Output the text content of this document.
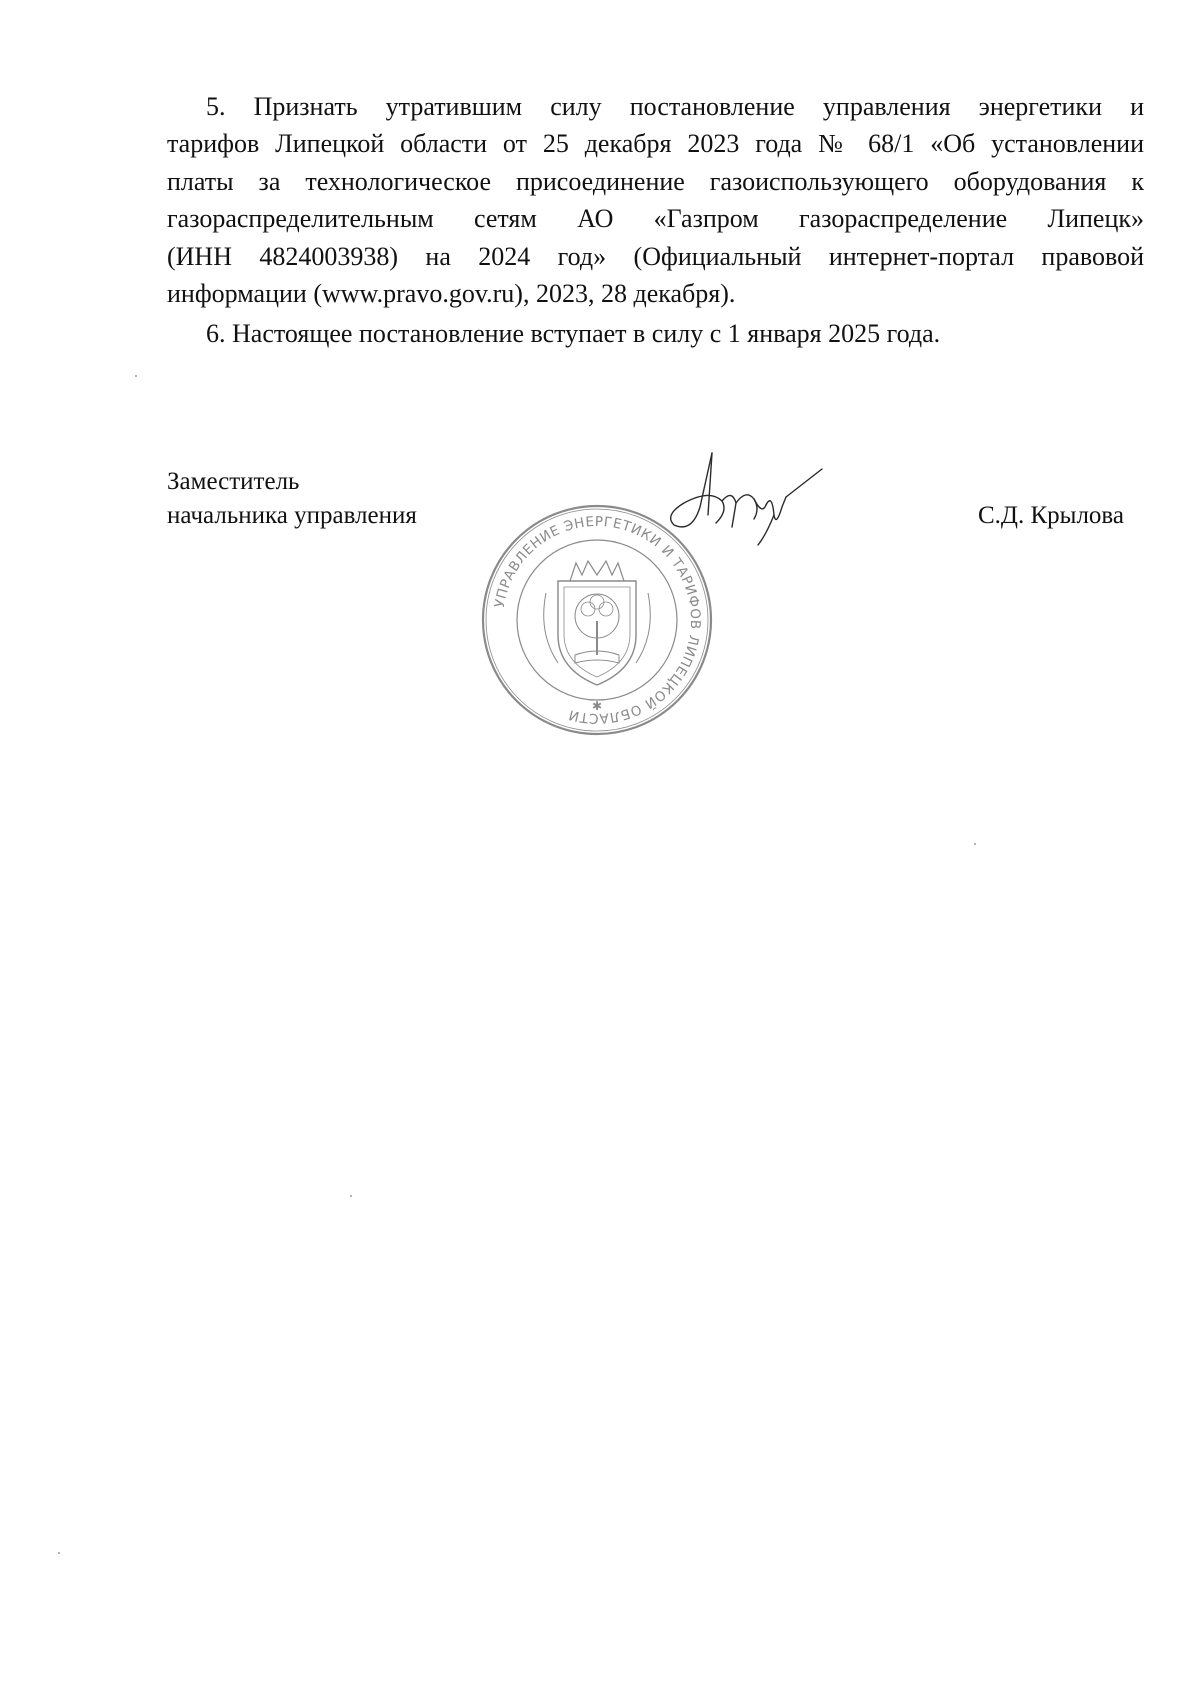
5. Признать утратившим силу постановление управления энергетики и
тарифов Липецкой области от 25 декабря 2023 года № 68/1 «Об установлении
платы за технологическое присоединение газоиспользующего оборудования к
газораспределительным сетям АО «Газпром газораспределение Липецк»
(ИНН 4824003938) на 2024 год» (Официальный интернет-портал правовой
информации (www.pravo.gov.ru), 2023, 28 декабря).

6. Настоящее постановление вступает в силу с 1 января 2025 года.

Заместитель
начальника управления	С.Д. Крылова
УПРАВЛЕНИЕ ЭНЕРГЕТИКИ И ТАРИФОВ ЛИПЕЦКОЙ ОБЛАСТИ
✱
